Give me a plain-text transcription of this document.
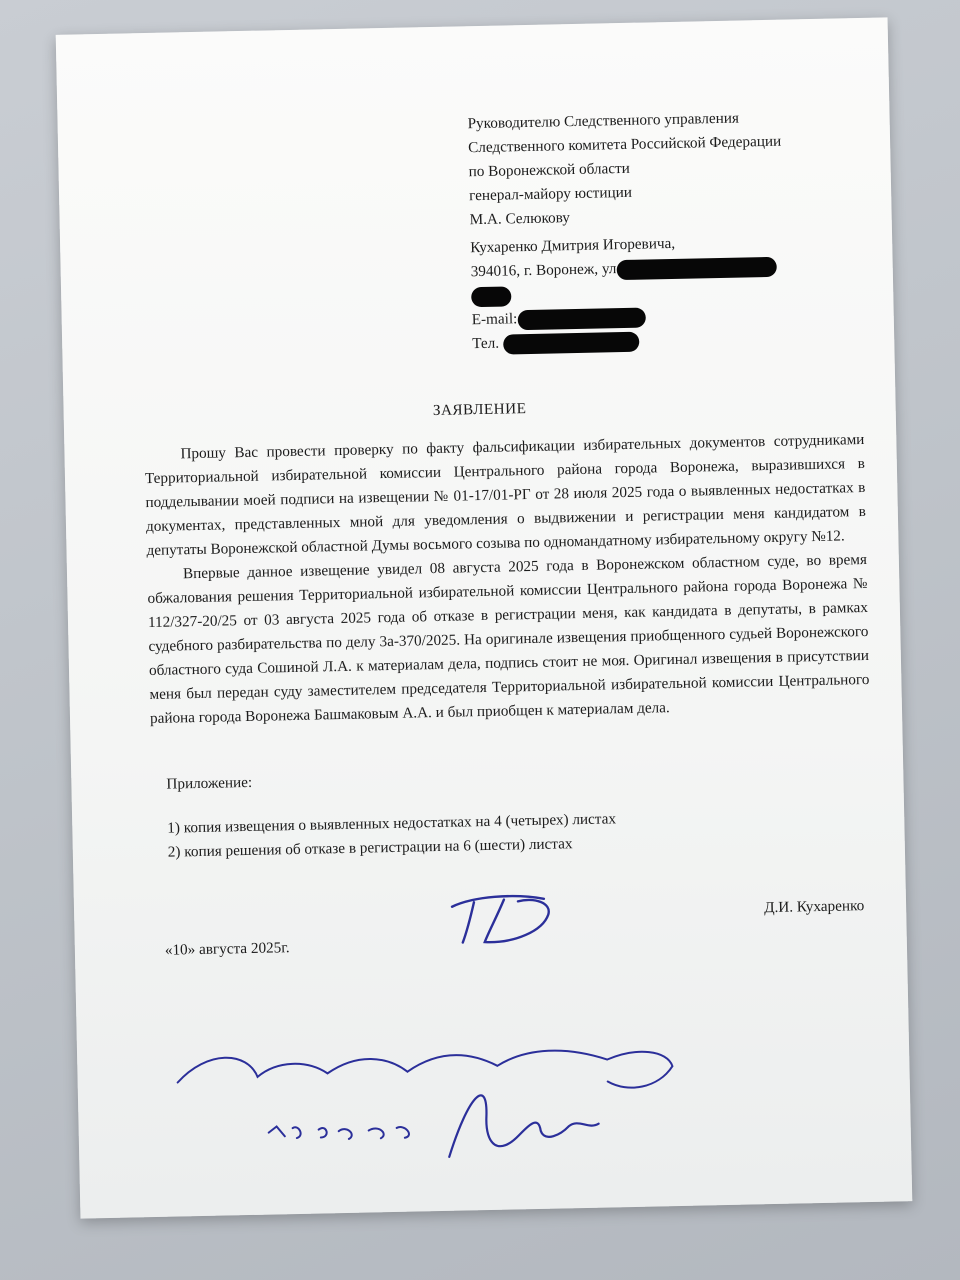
Руководителю Следственного управления
Следственного комитета Российской Федерации
по Воронежской области
генерал-майору юстиции
М.А. Селюкову
Кухаренко Дмитрия Игоревича,
394016, г. Воронеж, ул
E-mail:
Тел.
ЗАЯВЛЕНИЕ

Прошу Вас провести проверку по факту фальсификации избирательных документов сотрудниками Территориальной избирательной комиссии Центрального района города Воронежа, выразившихся в подделывании моей подписи на извещении № 01-17/01-РГ от 28 июля 2025 года о выявленных недостатках в документах, представленных мной для уведомления о выдвижении и регистрации меня кандидатом в депутаты Воронежской областной Думы восьмого созыва по одномандатному избирательному округу №12.

Впервые данное извещение увидел 08 августа 2025 года в Воронежском областном суде, во время обжалования решения Территориальной избирательной комиссии Центрального района города Воронежа № 112/327-20/25 от 03 августа 2025 года об отказе в регистрации меня, как кандидата в депутаты, в рамках судебного разбирательства по делу 3а-370/2025. На оригинале извещения приобщенного судьей Воронежского областного суда Сошиной Л.А. к материалам дела, подпись стоит не моя. Оригинал извещения в присутствии меня был передан суду заместителем председателя Территориальной избирательной комиссии Центрального района города Воронежа Башмаковым А.А. и был приобщен к материалам дела.

Приложение:
1) копия извещения о выявленных недостатках на 4 (четырех) листах
2) копия решения об отказе в регистрации на 6 (шести) листах
«10» августа 2025г.
Д.И. Кухаренко
